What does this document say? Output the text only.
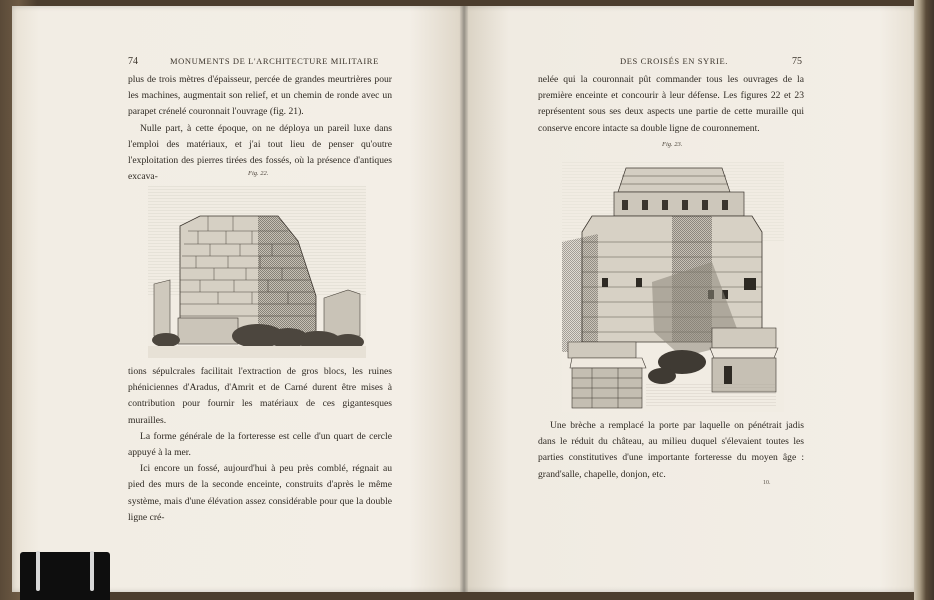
74	MONUMENTS DE L'ARCHITECTURE MILITAIRE

plus de trois mètres d'épaisseur, percée de grandes meurtrières pour les machines, augmentait son relief, et un chemin de ronde avec un parapet crénelé couronnait l'ouvrage (fig. 21).

Nulle part, à cette époque, on ne déploya un pareil luxe dans l'emploi des matériaux, et j'ai tout lieu de penser qu'outre l'exploitation des pierres tirées des fossés, où la présence d'antiques excava-	Fig. 22.

tions sépulcrales facilitait l'extraction de gros blocs, les ruines phéniciennes d'Aradus, d'Amrit et de Carné durent être mises à contribution pour fournir les matériaux de ces gigantesques murailles.

La forme générale de la forteresse est celle d'un quart de cercle appuyé à la mer.

Ici encore un fossé, aujourd'hui à peu près comblé, régnait au pied des murs de la seconde enceinte, construits d'après le même système, mais d'une élévation assez considérable pour que la double ligne cré-

DES CROISÉS EN SYRIE.	75

nelée qui la couronnait pût commander tous les ouvrages de la première enceinte et concourir à leur défense. Les figures 22 et 23 représentent sous ses deux aspects une partie de cette muraille qui conserve encore intacte sa double ligne de couronnement.

Fig. 23.

Une brèche a remplacé la porte par laquelle on pénétrait jadis dans le réduit du château, au milieu duquel s'élevaient toutes les parties constitutives d'une importante forteresse du moyen âge : grand'salle, chapelle, donjon, etc.

10.
